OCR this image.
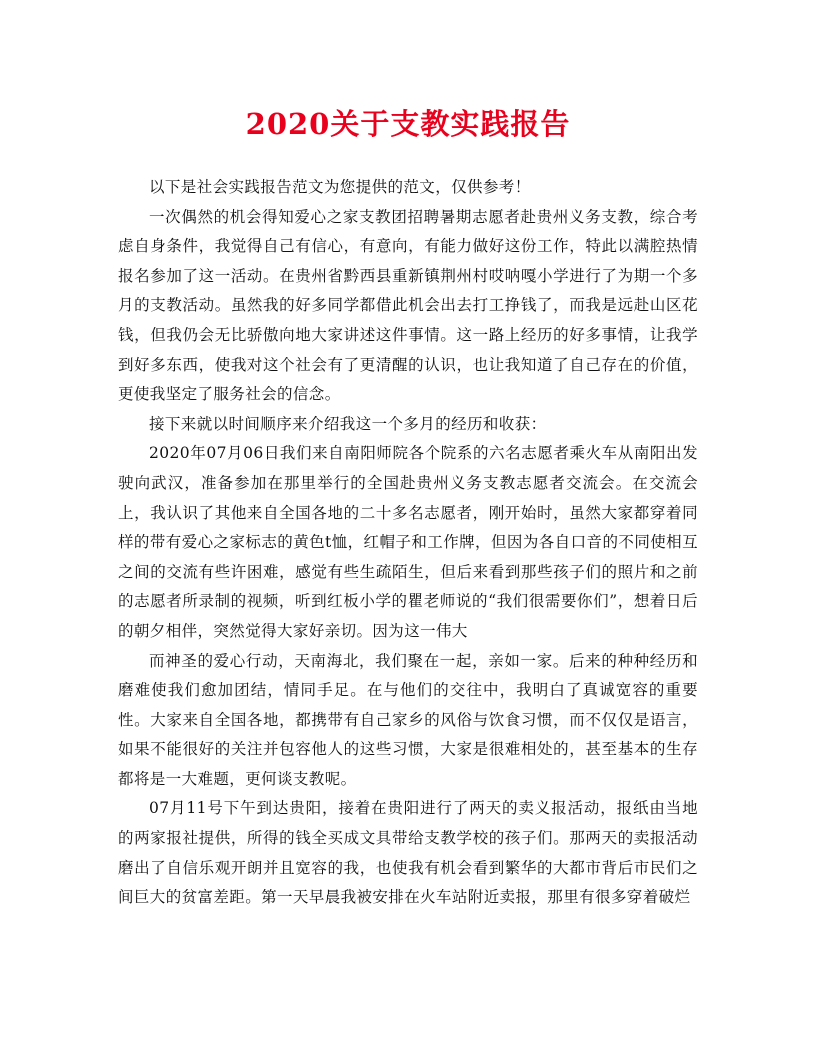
2020关于支教实践报告

以下是社会实践报告范文为您提供的范文，仅供参考！

一次偶然的机会得知爱心之家支教团招聘暑期志愿者赴贵州义务支教，综合考虑自身条件，我觉得自己有信心，有意向，有能力做好这份工作，特此以满腔热情报名参加了这一活动。在贵州省黔西县重新镇荆州村哎呐嘎小学进行了为期一个多月的支教活动。虽然我的好多同学都借此机会出去打工挣钱了，而我是远赴山区花钱，但我仍会无比骄傲向地大家讲述这件事情。这一路上经历的好多事情，让我学到好多东西，使我对这个社会有了更清醒的认识，也让我知道了自己存在的价值，更使我坚定了服务社会的信念。

接下来就以时间顺序来介绍我这一个多月的经历和收获：

2020年07月06日我们来自南阳师院各个院系的六名志愿者乘火车从南阳出发驶向武汉，准备参加在那里举行的全国赴贵州义务支教志愿者交流会。在交流会上，我认识了其他来自全国各地的二十多名志愿者，刚开始时，虽然大家都穿着同样的带有爱心之家标志的黄色t恤，红帽子和工作牌，但因为各自口音的不同使相互之间的交流有些许困难，感觉有些生疏陌生，但后来看到那些孩子们的照片和之前的志愿者所录制的视频，听到红板小学的瞿老师说的“我们很需要你们”，想着日后的朝夕相伴，突然觉得大家好亲切。因为这一伟大

而神圣的爱心行动，天南海北，我们聚在一起，亲如一家。后来的种种经历和磨难使我们愈加团结，情同手足。在与他们的交往中，我明白了真诚宽容的重要性。大家来自全国各地，都携带有自己家乡的风俗与饮食习惯，而不仅仅是语言，如果不能很好的关注并包容他人的这些习惯，大家是很难相处的，甚至基本的生存都将是一大难题，更何谈支教呢。

07月11号下午到达贵阳，接着在贵阳进行了两天的卖义报活动，报纸由当地的两家报社提供，所得的钱全买成文具带给支教学校的孩子们。那两天的卖报活动磨出了自信乐观开朗并且宽容的我，也使我有机会看到繁华的大都市背后市民们之间巨大的贫富差距。第一天早晨我被安排在火车站附近卖报，那里有很多穿着破烂
